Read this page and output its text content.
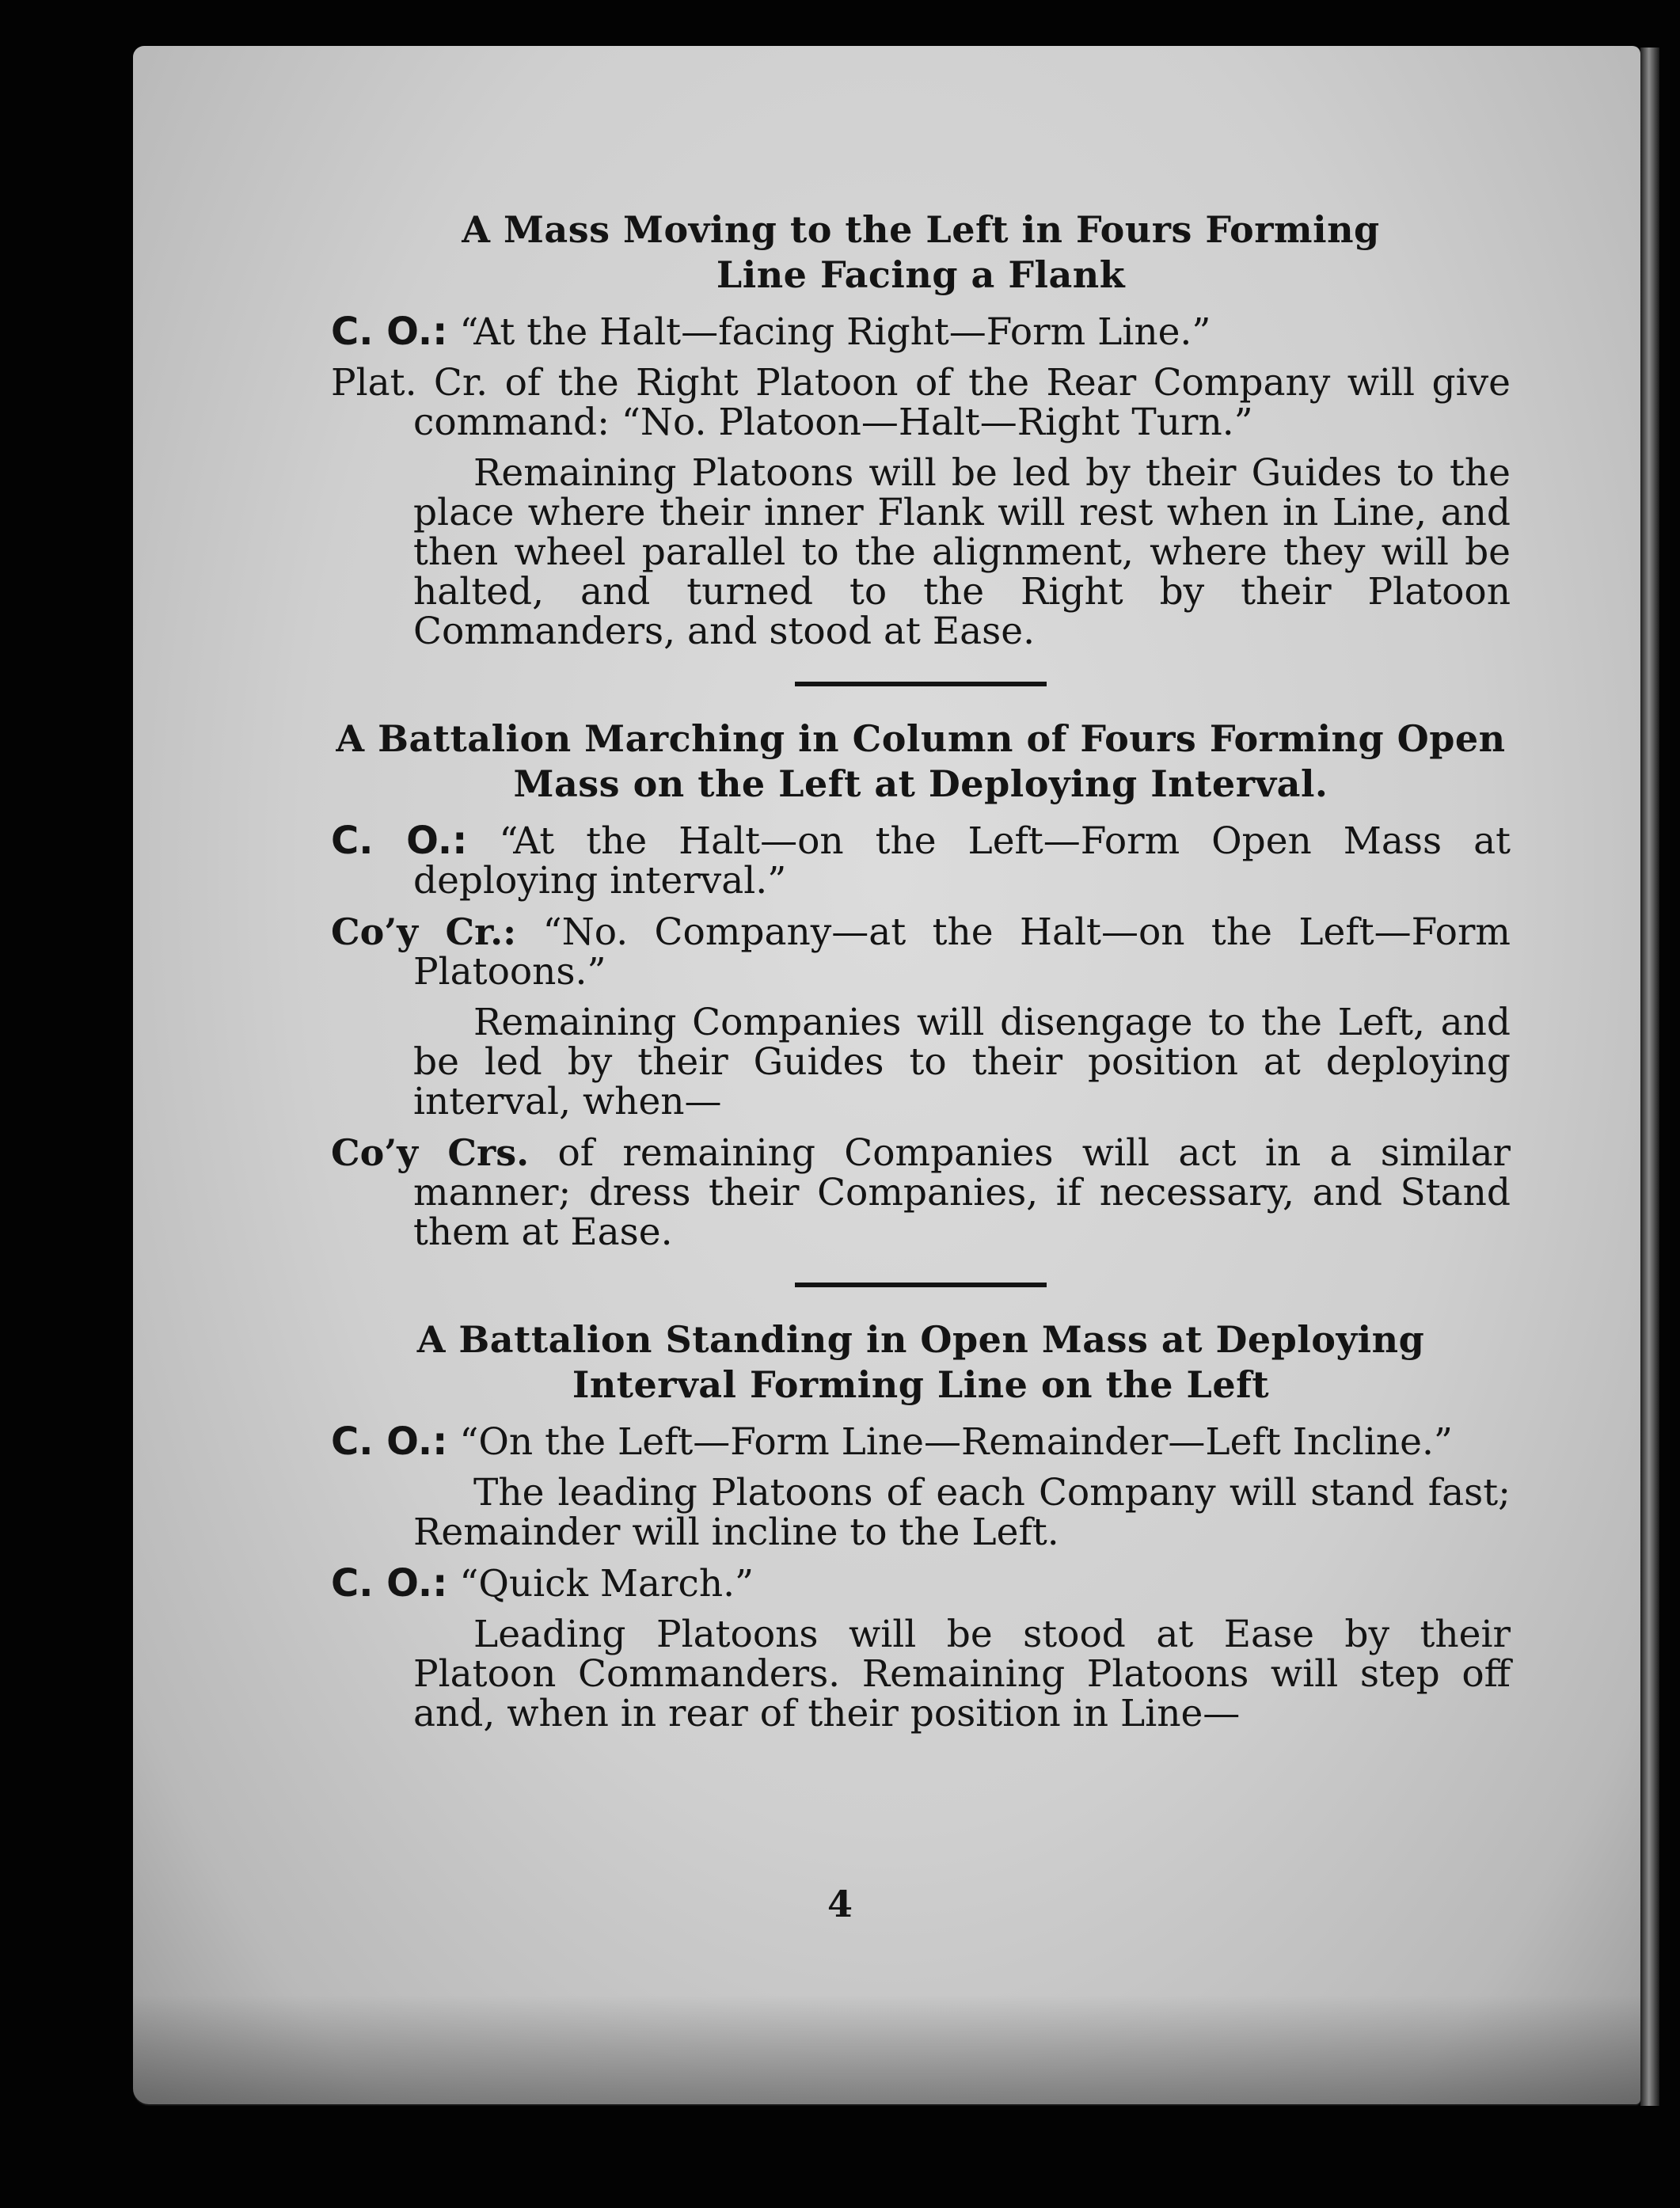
A Mass Moving to the Left in Fours Forming
Line Facing a Flank

C. O.: “At the Halt—facing Right—Form Line.”

Plat. Cr. of the Right Platoon of the Rear Company will give command: “No. Platoon—Halt—Right Turn.”

Remaining Platoons will be led by their Guides to the place where their inner Flank will rest when in Line, and then wheel parallel to the alignment, where they will be halted, and turned to the Right by their Platoon Commanders, and stood at Ease.

A Battalion Marching in Column of Fours Forming Open
Mass on the Left at Deploying Interval.

C. O.: “At the Halt—on the Left—Form Open Mass at deploying interval.”

Co’y Cr.: “No. Company—at the Halt—on the Left—Form Platoons.”

Remaining Companies will disengage to the Left, and be led by their Guides to their position at deploying interval, when—

Co’y Crs. of remaining Companies will act in a similar manner; dress their Companies, if necessary, and Stand them at Ease.

A Battalion Standing in Open Mass at Deploying
Interval Forming Line on the Left

C. O.: “On the Left—Form Line—Remainder—Left Incline.”

The leading Platoons of each Company will stand fast; Remainder will incline to the Left.

C. O.: “Quick March.”

Leading Platoons will be stood at Ease by their Platoon Commanders. Remaining Platoons will step off and, when in rear of their position in Line—

4
